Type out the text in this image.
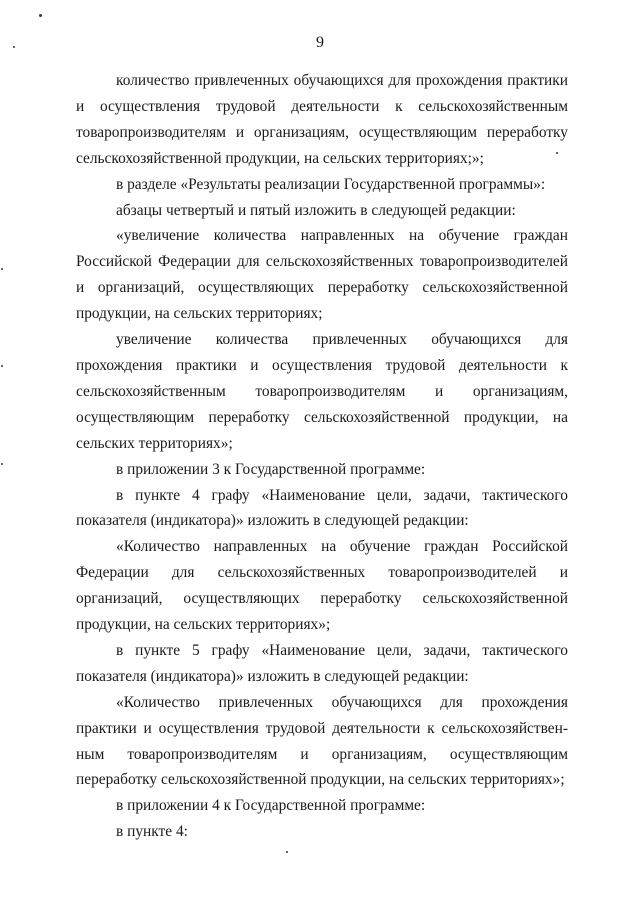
9

количество привлеченных обучающихся для прохождения практики и осуществления трудовой деятельности к сельскохозяйственным товаропроизводителям и организациям, осуществляющим переработку сельскохозяйственной продукции, на сельских территориях;»;

в разделе «Результаты реализации Государственной программы»:

абзацы четвертый и пятый изложить в следующей редакции:

«увеличение количества направленных на обучение граждан Российской Федерации для сельскохозяйственных товаропроизводителей и организаций, осуществляющих переработку сельскохозяйственной продукции, на сельских территориях;

увеличение количества привлеченных обучающихся для прохождения практики и осуществления трудовой деятельности к сельскохозяйственным товаропроизводителям и организациям, осуществляющим переработку сельскохозяйственной продукции, на сельских территориях»;

в приложении 3 к Государственной программе:

в пункте 4 графу «Наименование цели, задачи, тактического показателя (индикатора)» изложить в следующей редакции:

«Количество направленных на обучение граждан Российской Федерации для сельскохозяйственных товаропроизводителей и организаций, осуществляющих переработку сельскохозяйственной продукции, на сельских территориях»;

в пункте 5 графу «Наименование цели, задачи, тактического показателя (индикатора)» изложить в следующей редакции:

«Количество привлеченных обучающихся для прохождения практики и осуществления трудовой деятельности к сельскохозяйствен-ным товаропроизводителям и организациям, осуществляющим переработку сельскохозяйственной продукции, на сельских территориях»;

в приложении 4 к Государственной программе:

в пункте 4:
